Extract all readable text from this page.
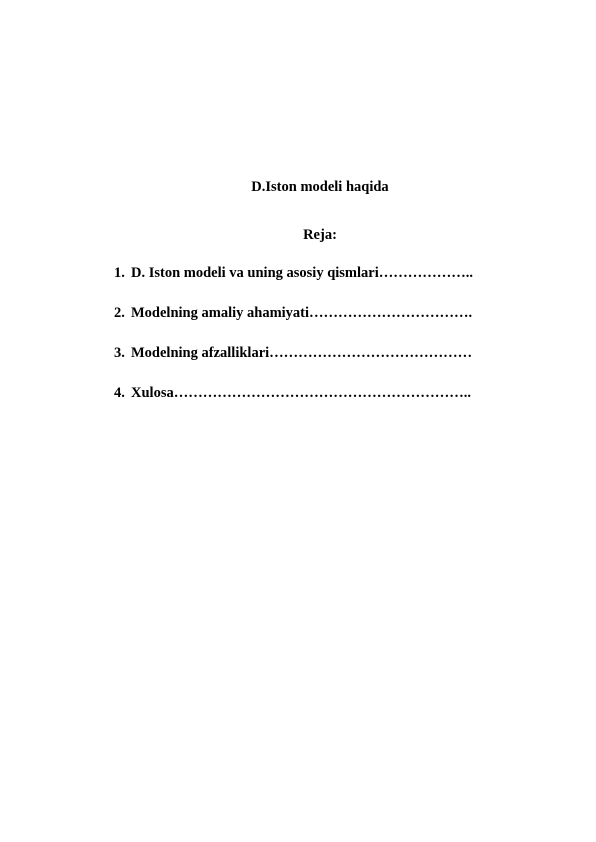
D.Iston modeli haqida
Reja:
1. D. Iston modeli va uning asosiy qismlari ………………..
2. Modelning amaliy ahamiyati …………………………….
3. Modelning afzalliklari ……………………………………
4. Xulosa ……………………………………………………..
